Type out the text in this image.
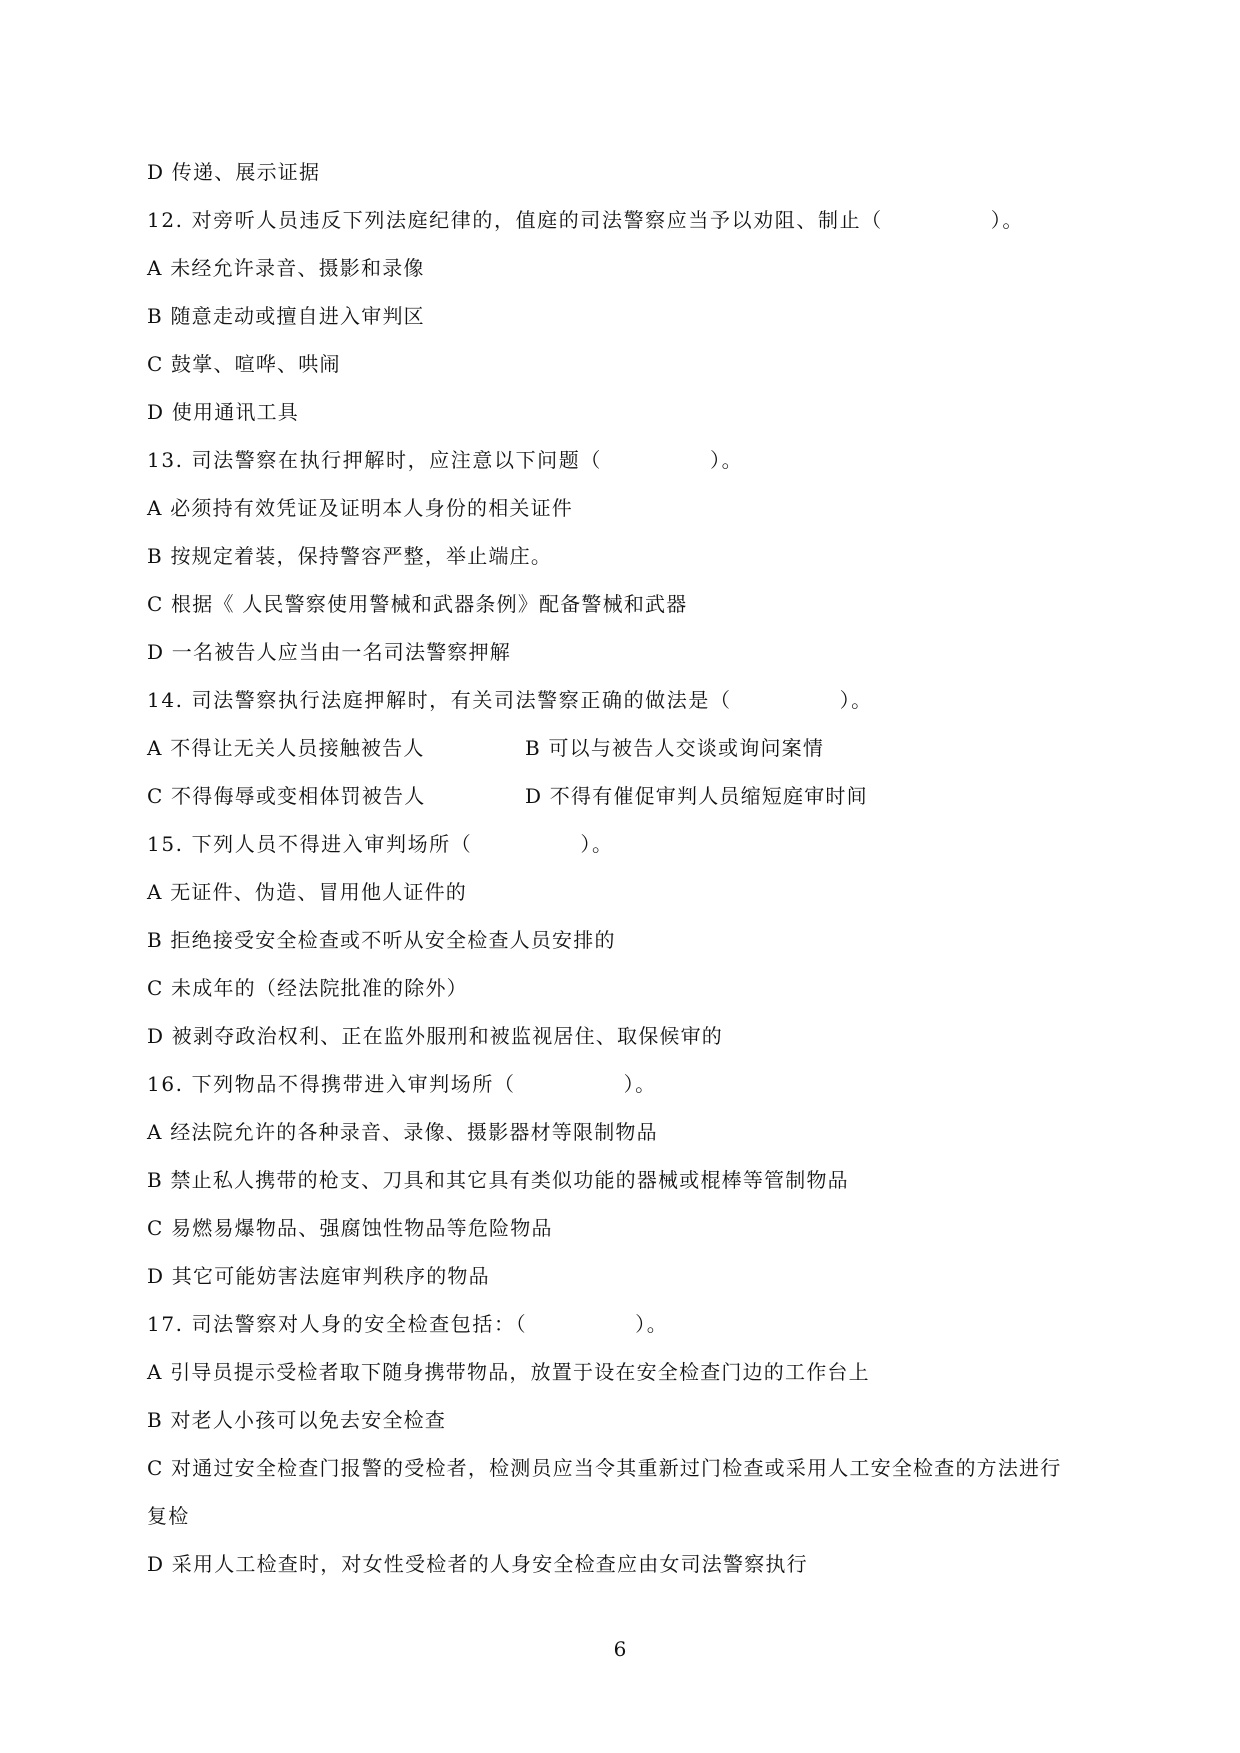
D 传递、展示证据
12. 对旁听人员违反下列法庭纪律的，值庭的司法警察应当予以劝阻、制止（　　　　　）。
A 未经允许录音、摄影和录像
B 随意走动或擅自进入审判区
C 鼓掌、喧哗、哄闹
D 使用通讯工具
13. 司法警察在执行押解时，应注意以下问题（　　　　　）。
A 必须持有效凭证及证明本人身份的相关证件
B 按规定着装，保持警容严整，举止端庄。
C 根据《 人民警察使用警械和武器条例》配备警械和武器
D 一名被告人应当由一名司法警察押解
14. 司法警察执行法庭押解时，有关司法警察正确的做法是（　　　　　）。
A 不得让无关人员接触被告人	B 可以与被告人交谈或询问案情
C 不得侮辱或变相体罚被告人	D 不得有催促审判人员缩短庭审时间
15. 下列人员不得进入审判场所（　　　　　）。
A 无证件、伪造、冒用他人证件的
B 拒绝接受安全检查或不听从安全检查人员安排的
C 未成年的（经法院批准的除外）
D 被剥夺政治权利、正在监外服刑和被监视居住、取保候审的
16. 下列物品不得携带进入审判场所（　　　　　）。
A 经法院允许的各种录音、录像、摄影器材等限制物品
B 禁止私人携带的枪支、刀具和其它具有类似功能的器械或棍棒等管制物品
C 易燃易爆物品、强腐蚀性物品等危险物品
D 其它可能妨害法庭审判秩序的物品
17. 司法警察对人身的安全检查包括：（　　　　　）。
A 引导员提示受检者取下随身携带物品，放置于设在安全检查门边的工作台上
B 对老人小孩可以免去安全检查
C 对通过安全检查门报警的受检者，检测员应当令其重新过门检查或采用人工安全检查的方法进行
复检
D 采用人工检查时，对女性受检者的人身安全检查应由女司法警察执行
6
